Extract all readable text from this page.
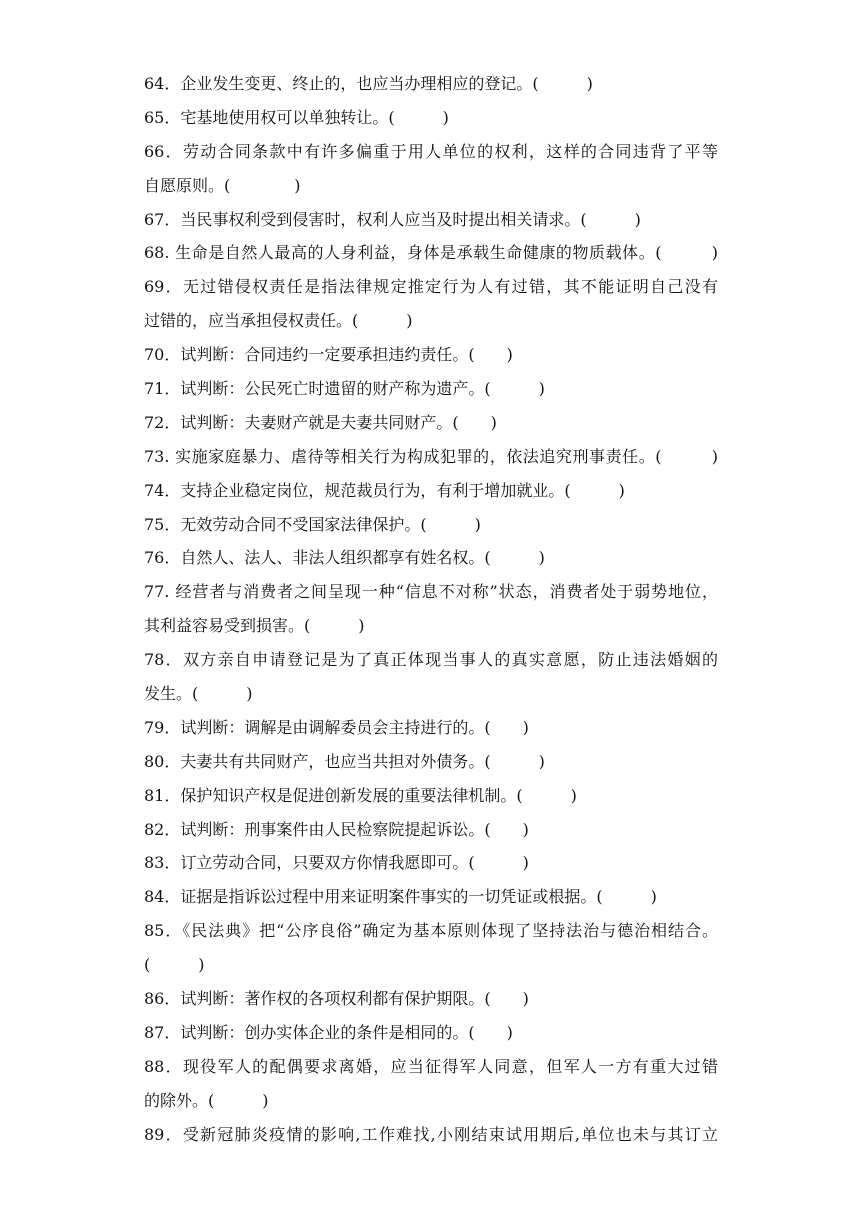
64．企业发生变更、终止的，也应当办理相应的登记。(　　　)
65．宅基地使用权可以单独转让。(　　　)
66．劳动合同条款中有许多偏重于用人单位的权利，这样的合同违背了平等
自愿原则。(　　　　)
67．当民事权利受到侵害时，权利人应当及时提出相关请求。(　　　)
68. 生命是自然人最高的人身利益，身体是承载生命健康的物质载体。(　　　)
69．无过错侵权责任是指法律规定推定行为人有过错，其不能证明自己没有
过错的，应当承担侵权责任。(　　　)
70．试判断：合同违约一定要承担违约责任。(　　)
71．试判断：公民死亡时遗留的财产称为遗产。(　　　)
72．试判断：夫妻财产就是夫妻共同财产。(　　)
73. 实施家庭暴力、虐待等相关行为构成犯罪的，依法追究刑事责任。(　　　)
74．支持企业稳定岗位，规范裁员行为，有利于增加就业。(　　　)
75．无效劳动合同不受国家法律保护。(　　　)
76．自然人、法人、非法人组织都享有姓名权。(　　　)
77. 经营者与消费者之间呈现一种“信息不对称”状态，消费者处于弱势地位，
其利益容易受到损害。(　　　)
78．双方亲自申请登记是为了真正体现当事人的真实意愿，防止违法婚姻的
发生。(　　　)
79．试判断：调解是由调解委员会主持进行的。(　　)
80．夫妻共有共同财产，也应当共担对外债务。(　　　)
81．保护知识产权是促进创新发展的重要法律机制。(　　　)
82．试判断：刑事案件由人民检察院提起诉讼。(　　)
83．订立劳动合同，只要双方你情我愿即可。(　　　)
84．证据是指诉讼过程中用来证明案件事实的一切凭证或根据。(　　　)
85．《民法典》把“公序良俗”确定为基本原则体现了坚持法治与德治相结合。
(　　　)
86．试判断：著作权的各项权利都有保护期限。(　　)
87．试判断：创办实体企业的条件是相同的。(　　)
88．现役军人的配偶要求离婚，应当征得军人同意，但军人一方有重大过错
的除外。(　　　)
89．受新冠肺炎疫情的影响,工作难找,小刚结束试用期后,单位也未与其订立
